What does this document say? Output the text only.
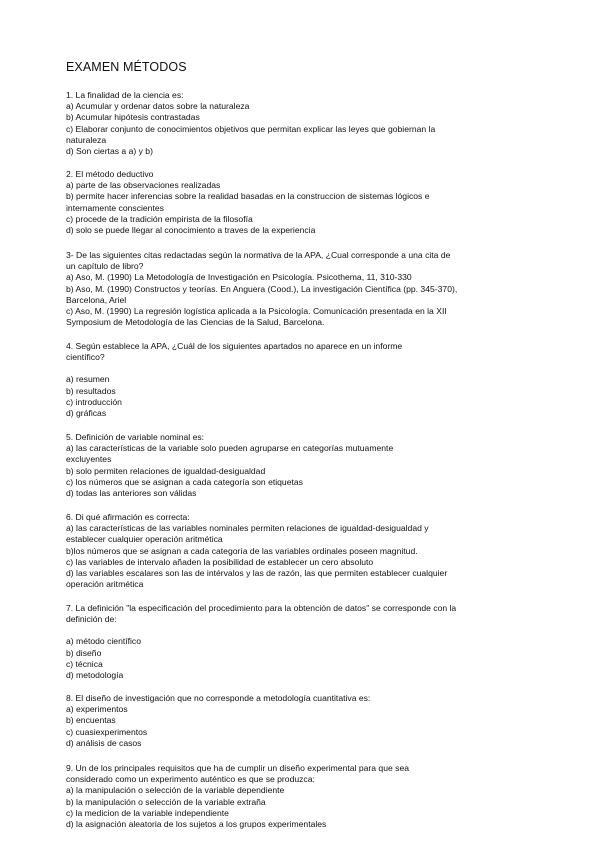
EXAMEN MÉTODOS
1. La finalidad de la ciencia es:
a) Acumular y ordenar datos sobre la naturaleza
b) Acumular hipótesis contrastadas
c) Elaborar conjunto de conocimientos objetivos que permitan explicar las leyes que gobiernan la
naturaleza
d) Son ciertas a a) y b)
2. El método deductivo
a) parte de las observaciones realizadas
b) permite hacer inferencias sobre la realidad basadas en la construccion de sistemas lógicos e
internamente conscientes
c) procede de la tradición empirista de la filosofía
d) solo se puede llegar al conocimiento a traves de la experiencia
3- De las siguientes citas redactadas según la normativa de la APA, ¿Cual corresponde a una cita de
un capítulo de libro?
a) Aso, M. (1990) La Metodología de Investigación en Psicología. Psicothema, 11, 310-330
b) Aso, M. (1990) Constructos y teorías. En Anguera (Cood.), La investigación Científica (pp. 345-370),
Barcelona, Ariel
c) Aso, M. (1990) La regresión logística aplicada a la Psicología. Comunicación presentada en la XII
Symposium de Metodología de las Ciencias de la Salud, Barcelona.
4. Según establece la APA, ¿Cuál de los siguientes apartados no aparece en un informe
científico?
a) resumen
b) resultados
c) introducción
d) gráficas
5. Definición de variable nominal es:
a) las características de la variable solo pueden agruparse en categorías mutuamente
excluyentes
b) solo permiten relaciones de igualdad-desigualdad
c) los números que se asignan a cada categoría son etiquetas
d) todas las anteriores son válidas
6. Di qué afirmación es correcta:
a) las características de las variables nominales permiten relaciones de igualdad-desigualdad y
establecer cualquier operación aritmética
b)los números que se asignan a cada categoría de las variables ordinales poseen magnitud.
c) las variables de intervalo añaden la posibilidad de establecer un cero absoluto
d) las variables escalares son las de intérvalos y las de razón, las que permiten establecer cualquier
operación aritmética
7. La definición "la especificación del procedimiento para la obtención de datos" se corresponde con la
definición de:
a) método científico
b) diseño
c) técnica
d) metodología
8. El diseño de investigación que no corresponde a metodología cuantitativa es:
a) experimentos
b) encuentas
c) cuasiexperimentos
d) análisis de casos
9. Un de los principales requisitos que ha de cumplir un diseño experimental para que sea
considerado como un experimento auténtico es que se produzca:
a) la manipulación o selección de la variable dependiente
b) la manipulación o selección de la variable extraña
c) la medicion de la variable independiente
d) la asignación aleatoria de los sujetos a los grupos experimentales
